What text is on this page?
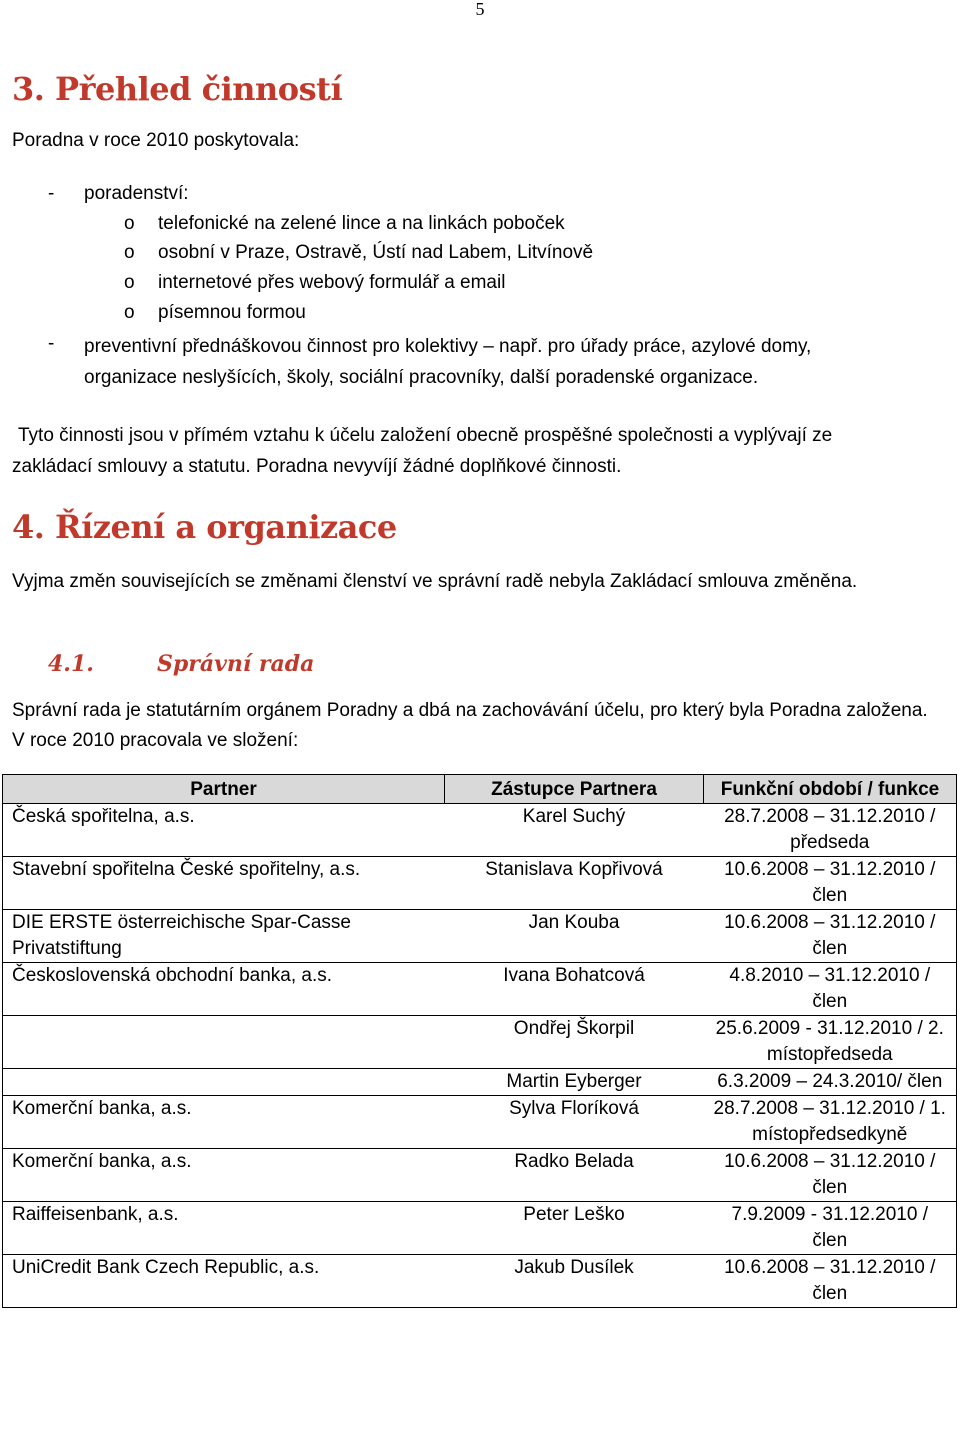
5
3. Přehled činností

Poradna v roce 2010 poskytovala:

- poradenství:
o telefonické na zelené lince a na linkách poboček
o osobní v Praze, Ostravě, Ústí nad Labem, Litvínově
o internetové přes webový formulář a email
o písemnou formou
- preventivní přednáškovou činnost pro kolektivy – např. pro úřady práce, azylové domy, organizace neslyšících, školy, sociální pracovníky, další poradenské organizace.

Tyto činnosti jsou v přímém vztahu k účelu založení obecně prospěšné společnosti a vyplývají ze zakládací smlouvy a statutu. Poradna nevyvíjí žádné doplňkové činnosti.

4. Řízení a organizace

Vyjma změn souvisejících se změnami členství ve správní radě nebyla Zakládací smlouva změněna.

4.1.	Správní rada

Správní rada je statutárním orgánem Poradny a dbá na zachovávání účelu, pro který byla Poradna založena. V roce 2010 pracovala ve složení:

Partner	Zástupce Partnera	Funkční období / funkce
Česká spořitelna, a.s.	Karel Suchý	28.7.2008 – 31.12.2010 / předseda
Stavební spořitelna České spořitelny, a.s.	Stanislava Kopřivová	10.6.2008 – 31.12.2010 / člen
DIE ERSTE österreichische Spar-Casse Privatstiftung	Jan Kouba	10.6.2008 – 31.12.2010 / člen
Československá obchodní banka, a.s.	Ivana Bohatcová	4.8.2010 – 31.12.2010 / člen
	Ondřej Škorpil	25.6.2009 - 31.12.2010 / 2. místopředseda
	Martin Eyberger	6.3.2009 – 24.3.2010/ člen
Komerční banka, a.s.	Sylva Floríková	28.7.2008 – 31.12.2010 / 1. místopředsedkyně
Komerční banka, a.s.	Radko Belada	10.6.2008 – 31.12.2010 / člen
Raiffeisenbank, a.s.	Peter Leško	7.9.2009 - 31.12.2010 / člen
UniCredit Bank Czech Republic, a.s.	Jakub Dusílek	10.6.2008 – 31.12.2010 / člen
